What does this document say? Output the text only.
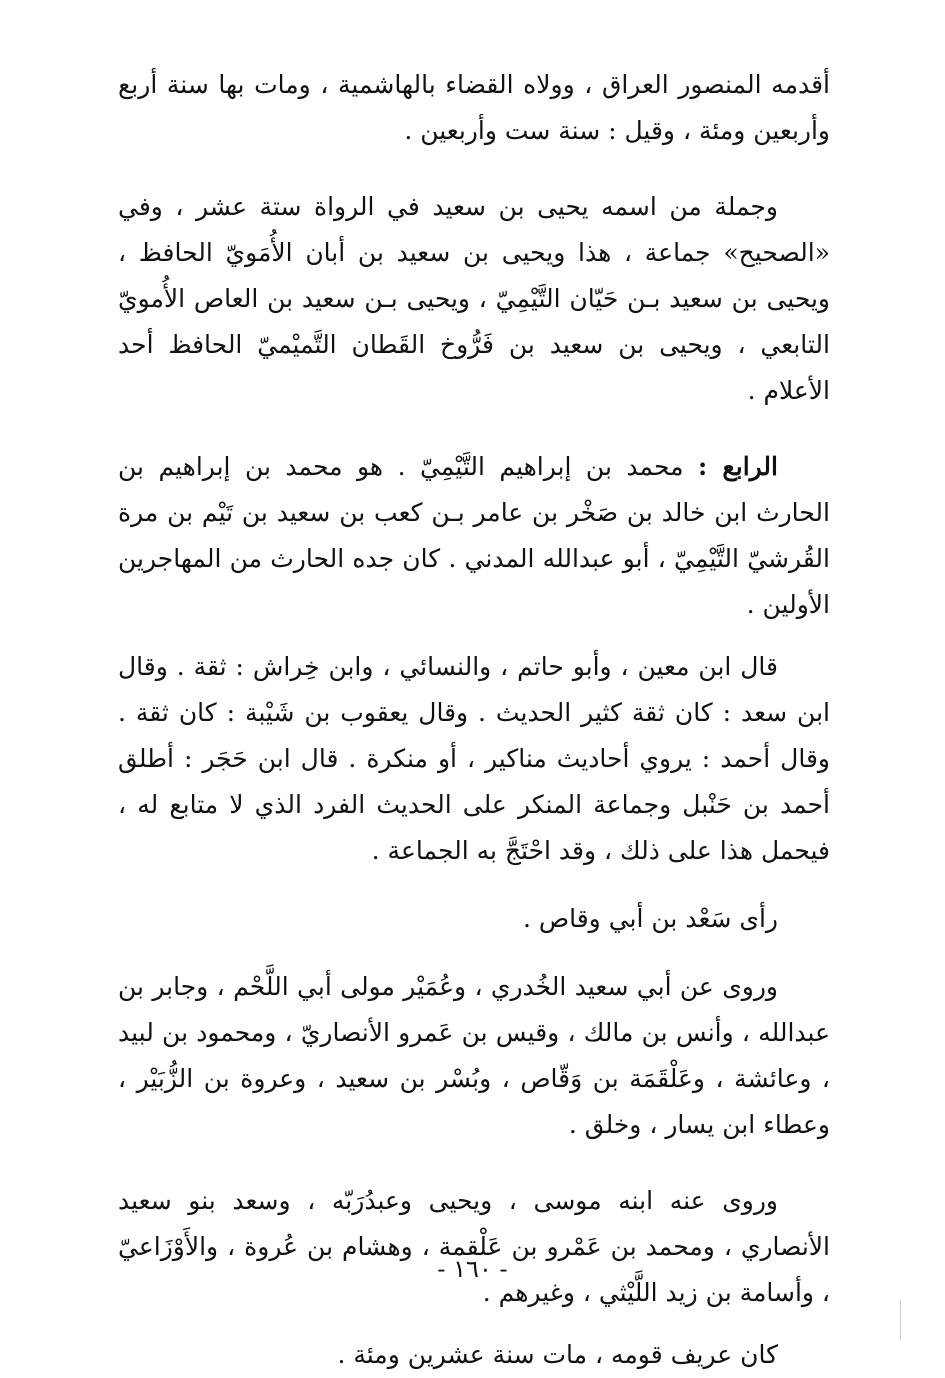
أقدمه المنصور العراق ، وولاه القضاء بالهاشمية ، ومات بها سنة أربع وأربعين ومئة ، وقيل : سنة ست وأربعين .

وجملة من اسمه يحيى بن سعيد في الرواة ستة عشر ، وفي «الصحيح» جماعة ، هذا ويحيى بن سعيد بن أبان الأُمَويّ الحافظ ، ويحيى بن سعيد بـن حَيّان التَّيْمِيّ ، ويحيى بـن سعيد بن العاص الأُمويّ التابعي ، ويحيى بن سعيد بن فَرُّوخ القَطان التَّميْميّ الحافظ أحد الأعلام .

الرابع : محمد بن إبراهيم التَّيْمِيّ . هو محمد بن إبراهيم بن الحارث ابن خالد بن صَخْر بن عامر بـن كعب بن سعيد بن تَيْم بن مرة القُرشيّ التَّيْمِيّ ، أبو عبدالله المدني . كان جده الحارث من المهاجرين الأولين .

قال ابن معين ، وأبو حاتم ، والنسائي ، وابن خِراش : ثقة . وقال ابن سعد : كان ثقة كثير الحديث . وقال يعقوب بن شَيْبة : كان ثقة . وقال أحمد : يروي أحاديث مناكير ، أو منكرة . قال ابن حَجَر : أطلق أحمد بن حَنْبل وجماعة المنكر على الحديث الفرد الذي لا متابع له ، فيحمل هذا على ذلك ، وقد احْتَجَّ به الجماعة .

رأى سَعْد بن أبي وقاص .

وروى عن أبي سعيد الخُدري ، وعُمَيْر مولى أبي اللَّحْم ، وجابر بن عبدالله ، وأنس بن مالك ، وقيس بن عَمرو الأنصاريّ ، ومحمود بن لبيد ، وعائشة ، وعَلْقَمَة بن وَقّاص ، وبُسْر بن سعيد ، وعروة بن الزُّبَيْر ، وعطاء ابن يسار ، وخلق .

وروى عنه ابنه موسى ، ويحيى وعبدُرَبّه ، وسعد بنو سعيد الأنصاري ، ومحمد بن عَمْرو بن عَلْقمة ، وهشام بن عُروة ، والأَوْزَاعيّ ، وأسامة بن زيد اللَّيْثي ، وغيرهم .

كان عريف قومه ، مات سنة عشرين ومئة .

- ١٦٠ -
